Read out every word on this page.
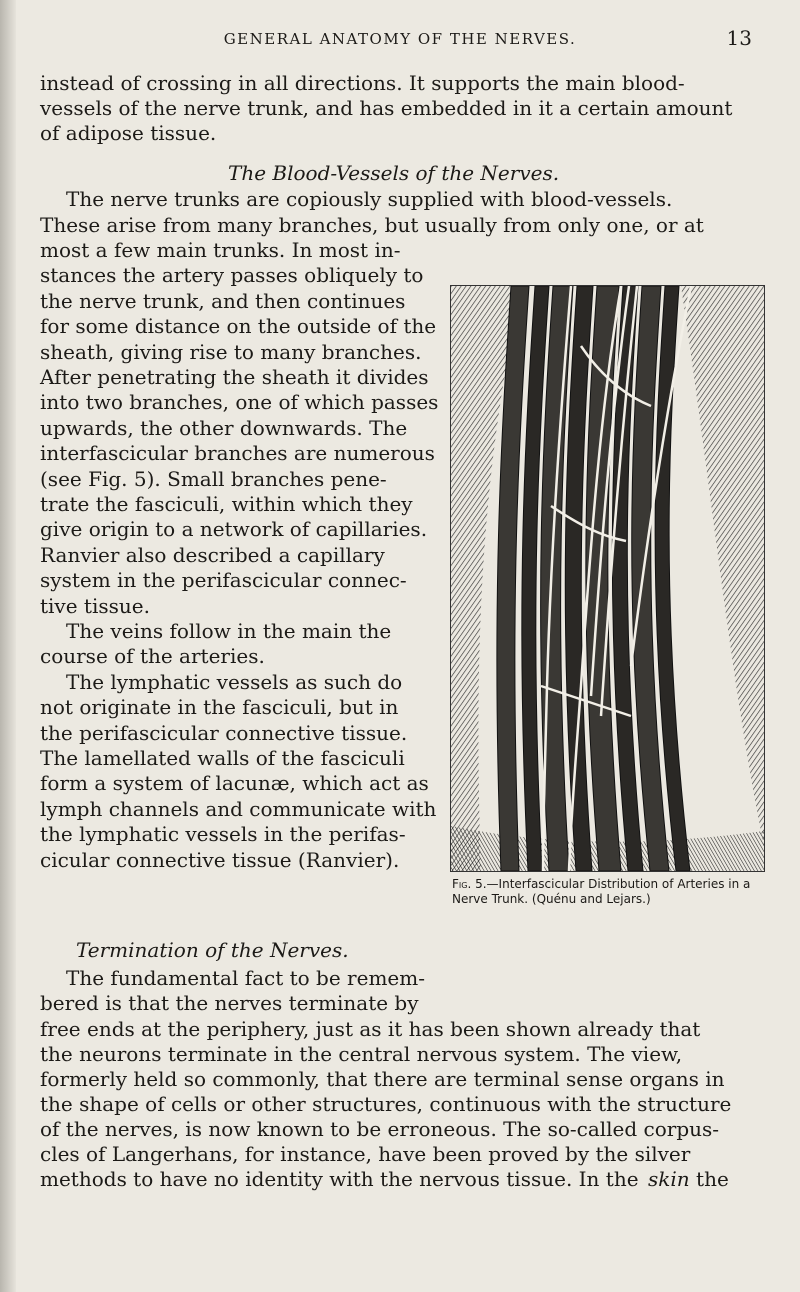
GENERAL ANATOMY OF THE NERVES.	13
instead of crossing in all directions. It supports the main blood-
vessels of the nerve trunk, and has embedded in it a certain amount
of adipose tissue.
The nerve trunks are copiously supplied with blood-vessels.
These arise from many branches, but usually from only one, or at
most a few main trunks. In most in-
stances the artery passes obliquely to
the nerve trunk, and then continues
for some distance on the outside of the
sheath, giving rise to many branches.
After penetrating the sheath it divides
into two branches, one of which passes
upwards, the other downwards. The
interfascicular branches are numerous
(see Fig. 5). Small branches pene-
trate the fasciculi, within which they
give origin to a network of capillaries.
Ranvier also described a capillary
system in the perifascicular connec-
tive tissue.
The veins follow in the main the
course of the arteries.
The lymphatic vessels as such do
not originate in the fasciculi, but in
the perifascicular connective tissue.
The lamellated walls of the fasciculi
form a system of lacunæ, which act as
lymph channels and communicate with
the lymphatic vessels in the perifas-
cicular connective tissue (Ranvier).
The fundamental fact to be remem-
bered is that the nerves terminate by
free ends at the periphery, just as it has been shown already that
the neurons terminate in the central nervous system. The view,
formerly held so commonly, that there are terminal sense organs in
the shape of cells or other structures, continuous with the structure
of the nerves, is now known to be erroneous. The so-called corpus-
cles of Langerhans, for instance, have been proved by the silver
methods to have no identity with the nervous tissue. In the skin the
The Blood-Vessels of the Nerves.
Termination of the Nerves.
Fig. 5.—Interfascicular Distribution of Arteries in a Nerve Trunk. (Quénu and Lejars.)
